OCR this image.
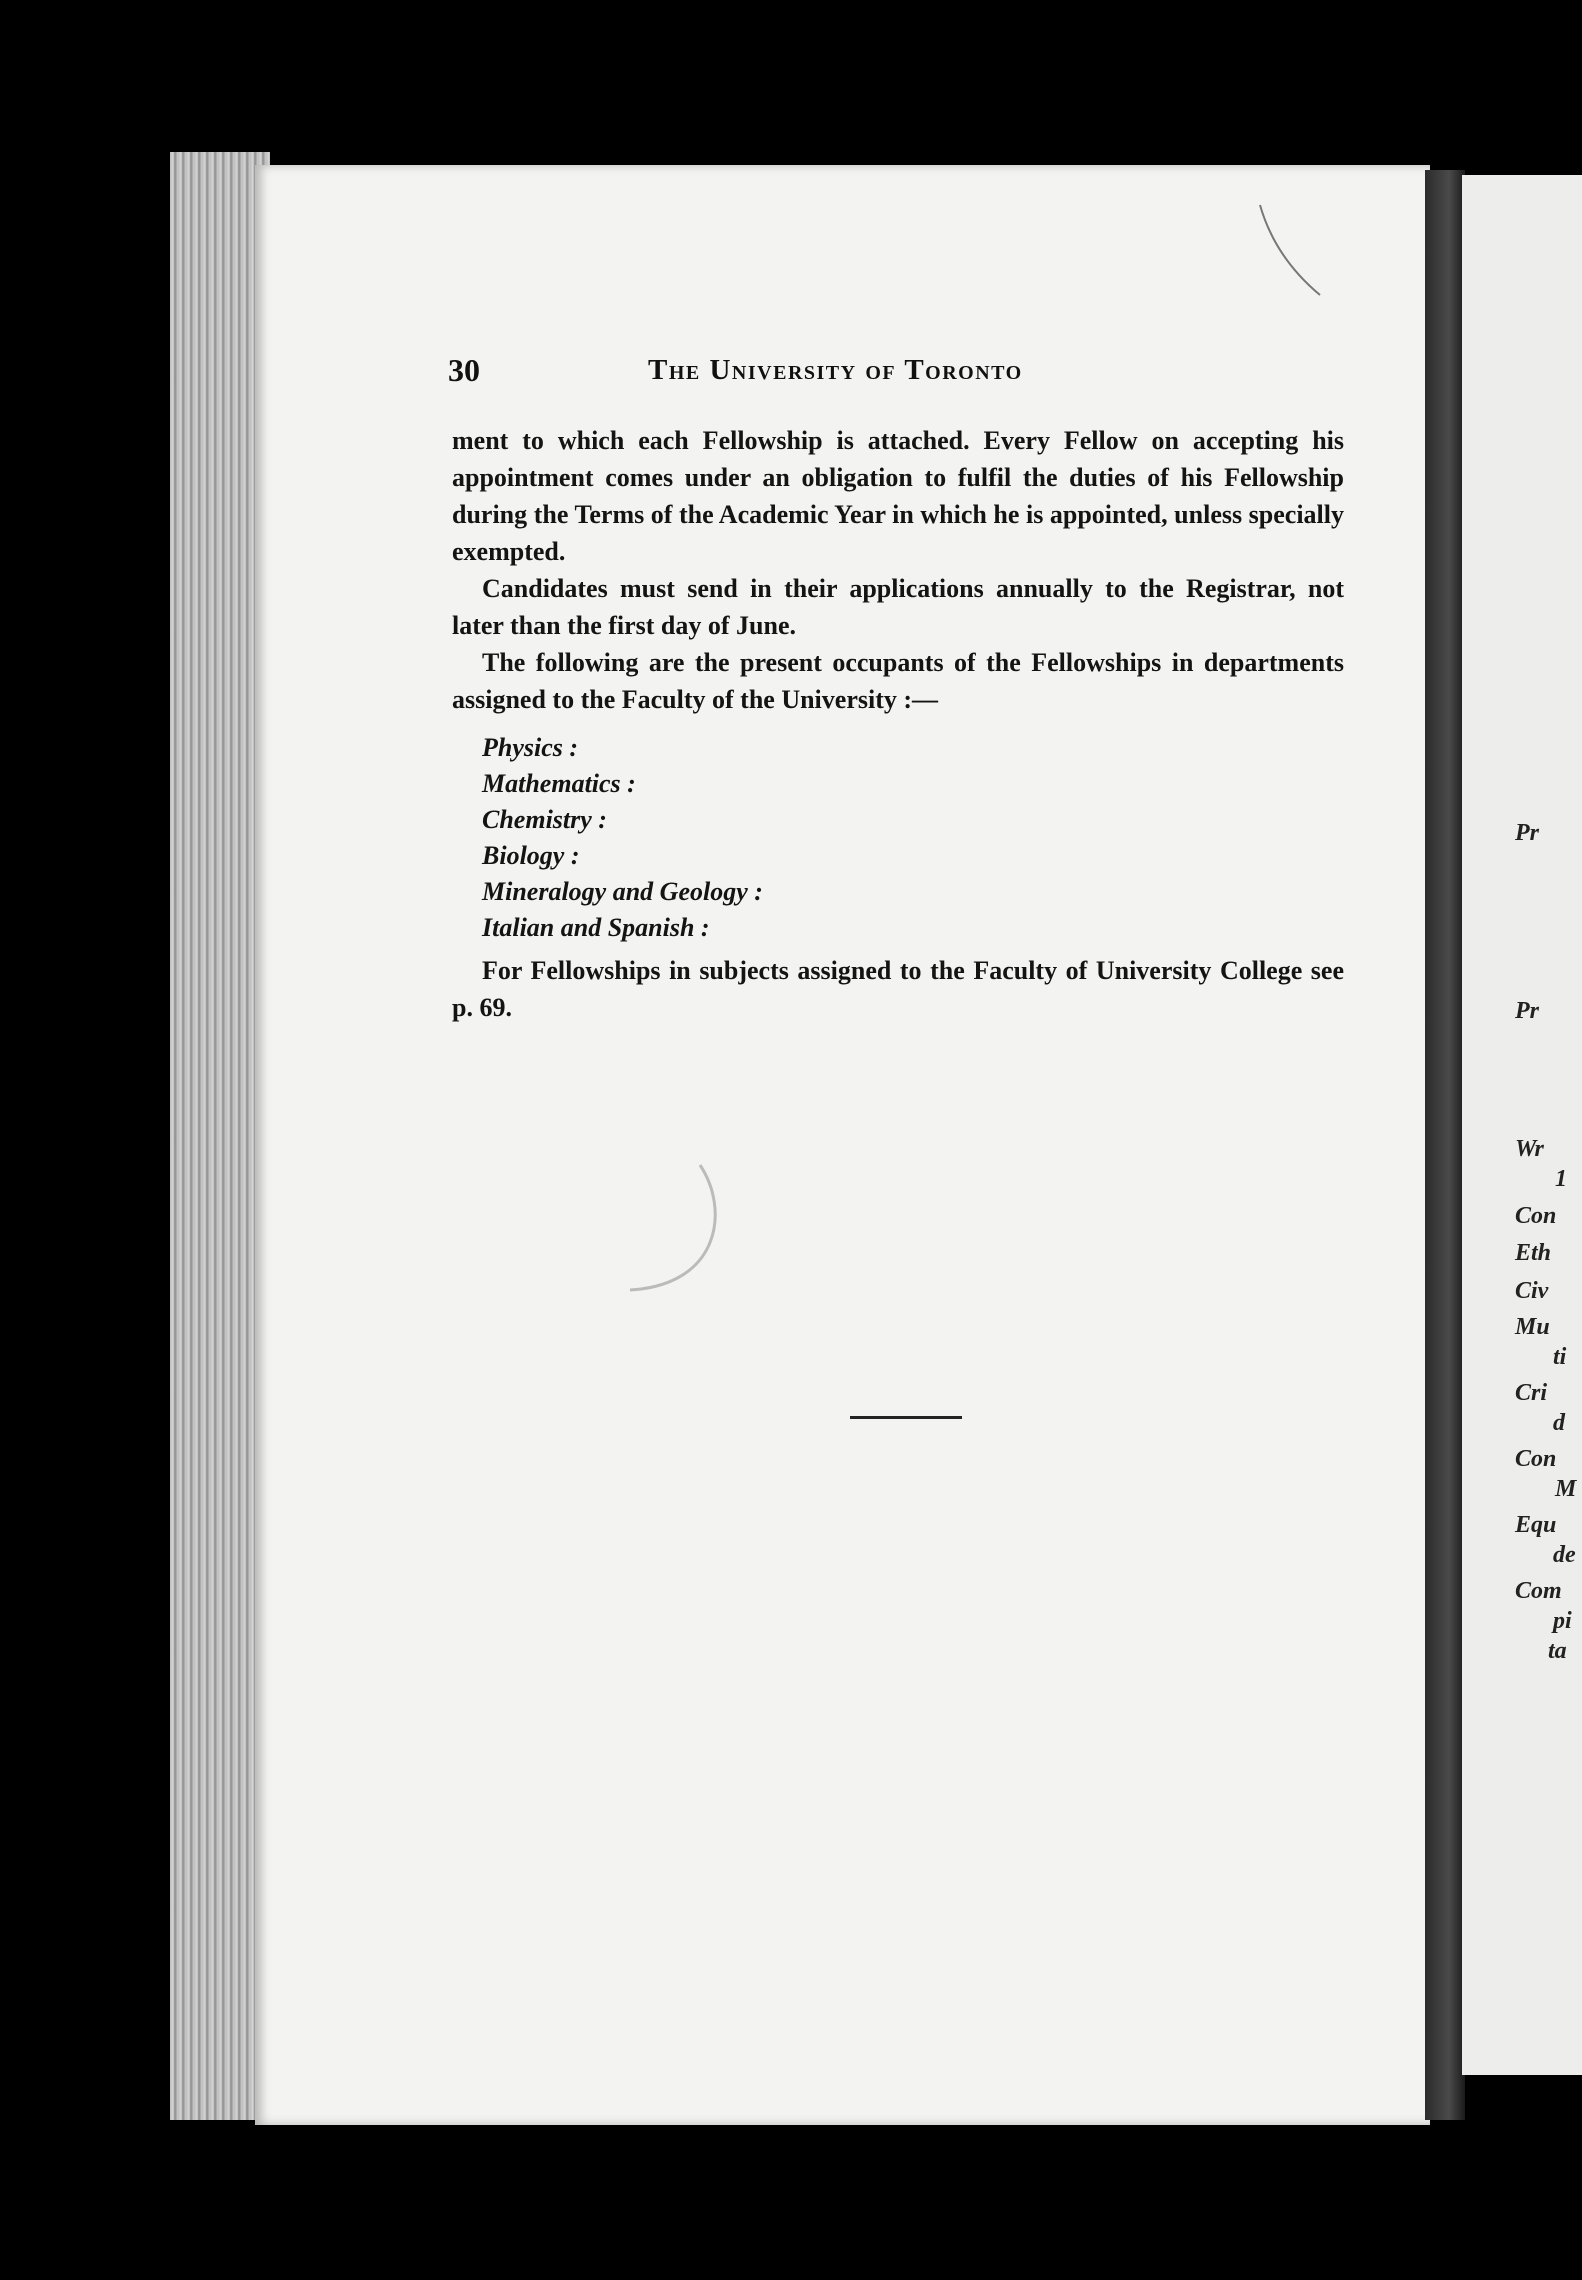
30	The University of Toronto

ment to which each Fellowship is attached. Every Fellow on accepting his appointment comes under an obligation to fulfil the duties of his Fellowship during the Terms of the Academic Year in which he is appointed, unless specially exempted.

Candidates must send in their applications annually to the Registrar, not later than the first day of June.

The following are the present occupants of the Fellowships in departments assigned to the Faculty of the University :—

Physics :
Mathematics :
Chemistry :
Biology :
Mineralogy and Geology :
Italian and Spanish :

For Fellowships in subjects assigned to the Faculty of University College see p. 69.

Pr
Pr
Wr
1
Con
Eth
Civ
Mu
ti
Cri
d
Con
M
Equ
de
Com
pi
ta
